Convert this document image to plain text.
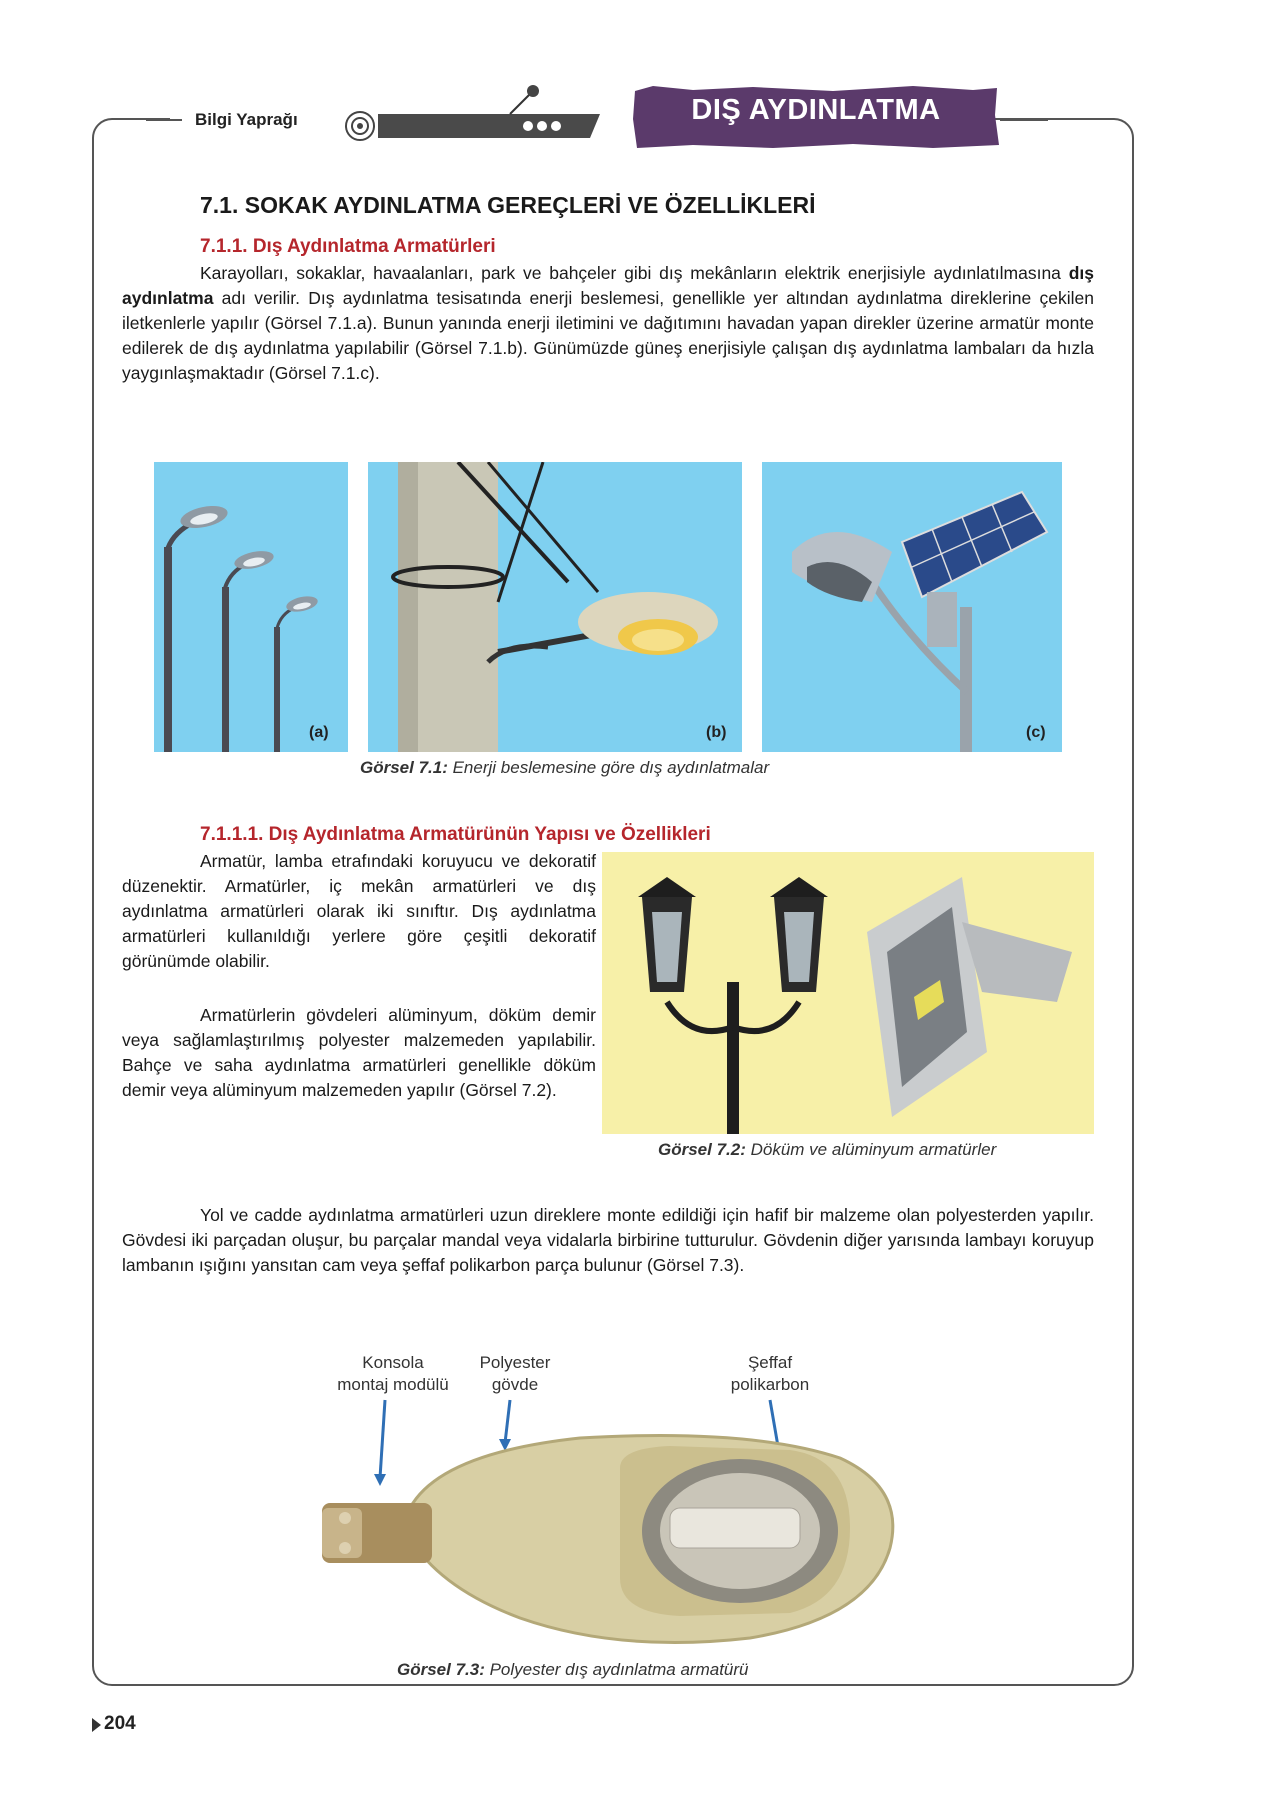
Bilgi Yaprağı	DIŞ AYDINLATMA
7.1. SOKAK AYDINLATMA GEREÇLERİ VE ÖZELLİKLERİ
7.1.1. Dış Aydınlatma Armatürleri

Karayolları, sokaklar, havaalanları, park ve bahçeler gibi dış mekânların elektrik enerjisiyle aydınlatılmasına dış aydınlatma adı verilir. Dış aydınlatma tesisatında enerji beslemesi, genellikle yer altından aydınlatma direklerine çekilen iletkenlerle yapılır (Görsel 7.1.a). Bunun yanında enerji iletimini ve dağıtımını havadan yapan direkler üzerine armatür monte edilerek de dış aydınlatma yapılabilir (Görsel 7.1.b). Günümüzde güneş enerjisiyle çalışan dış aydınlatma lambaları da hızla yaygınlaşmaktadır (Görsel 7.1.c).

(a)	(b)	(c)
Görsel 7.1: Enerji beslemesine göre dış aydınlatmalar
7.1.1.1. Dış Aydınlatma Armatürünün Yapısı ve Özellikleri

Armatür, lamba etrafındaki koruyucu ve dekoratif düzenektir. Armatürler, iç mekân armatürleri ve dış aydınlatma armatürleri olarak iki sınıftır. Dış aydınlatma armatürleri kullanıldığı yerlere göre çeşitli dekoratif görünümde olabilir.

Armatürlerin gövdeleri alüminyum, döküm demir veya sağlamlaştırılmış polyester malzemeden yapılabilir. Bahçe ve saha aydınlatma armatürleri genellikle döküm demir veya alüminyum malzemeden yapılır (Görsel 7.2).

Görsel 7.2: Döküm ve alüminyum armatürler

Yol ve cadde aydınlatma armatürleri uzun direklere monte edildiği için hafif bir malzeme olan polyesterden yapılır. Gövdesi iki parçadan oluşur, bu parçalar mandal veya vidalarla birbirine tutturulur. Gövdenin diğer yarısında lambayı koruyup lambanın ışığını yansıtan cam veya şeffaf polikarbon parça bulunur (Görsel 7.3).

Konsola
montaj modülü
Polyester
gövde
Şeffaf
polikarbon
Görsel 7.3: Polyester dış aydınlatma armatürü
204
